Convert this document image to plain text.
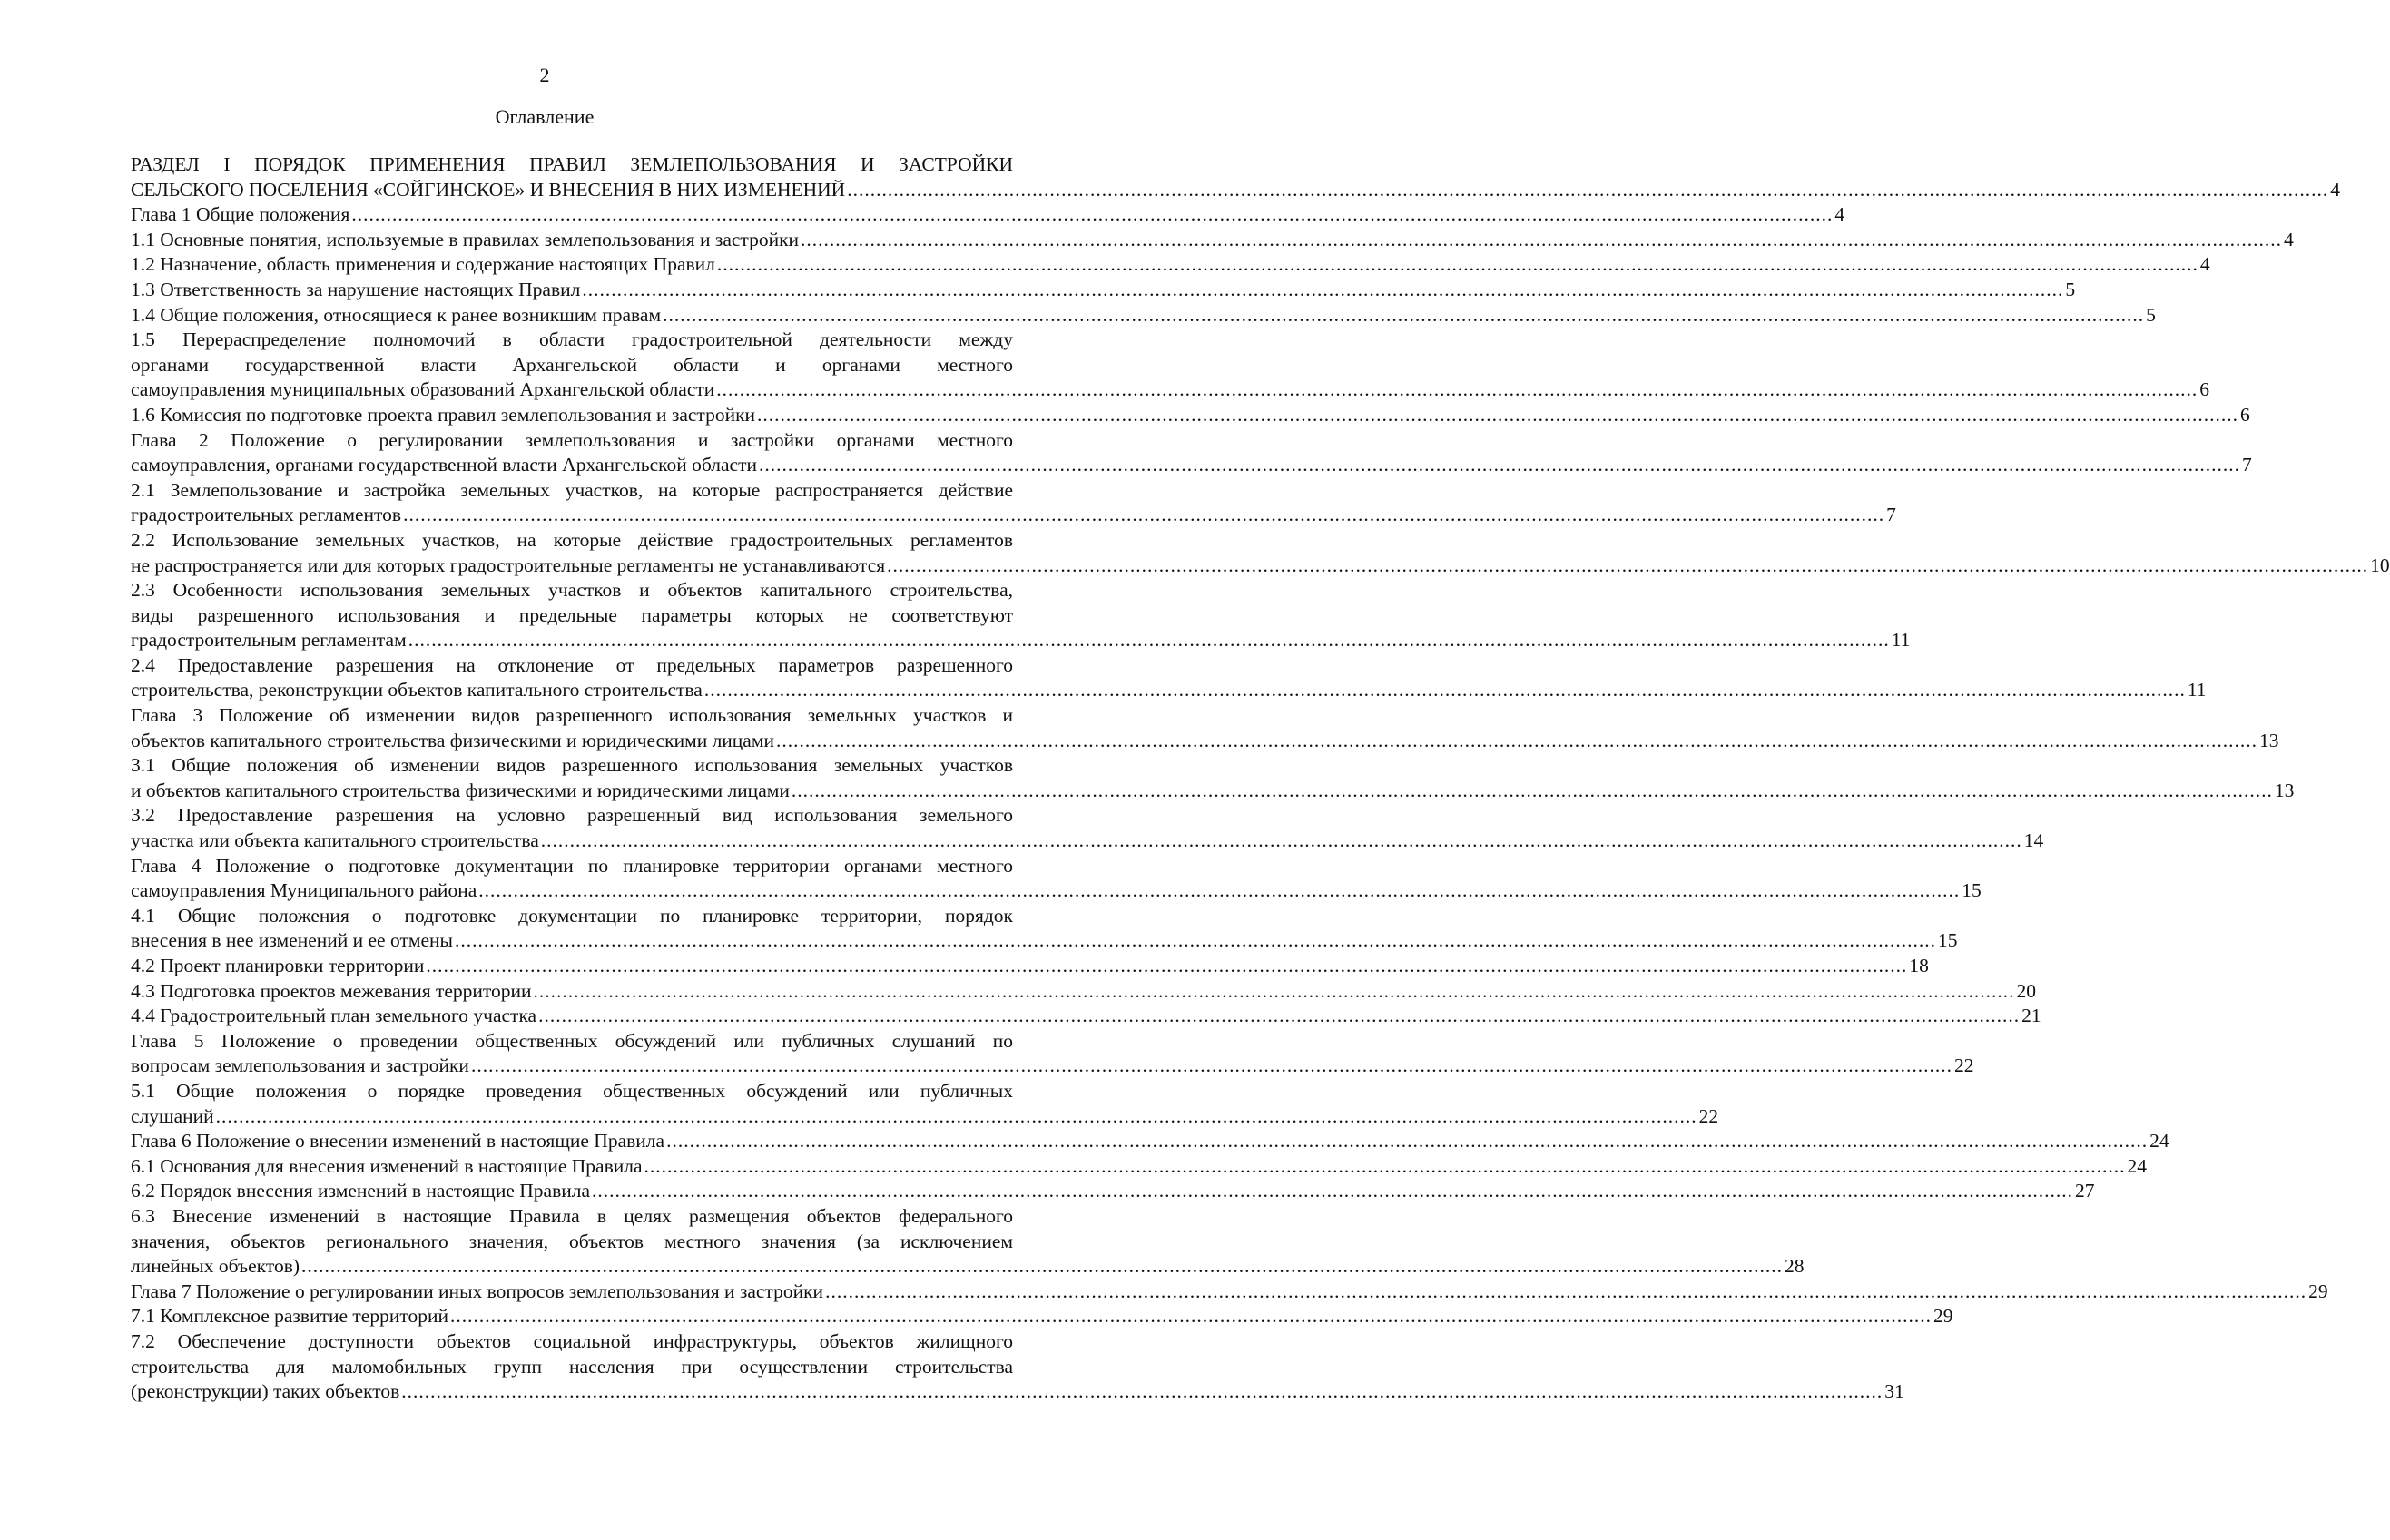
2
Оглавление
РАЗДЕЛ I ПОРЯДОК ПРИМЕНЕНИЯ ПРАВИЛ ЗЕМЛЕПОЛЬЗОВАНИЯ И ЗАСТРОЙКИ
СЕЛЬСКОГО ПОСЕЛЕНИЯ «СОЙГИНСКОЕ» И ВНЕСЕНИЯ В НИХ ИЗМЕНЕНИЙ .....	4
Глава 1 Общие положения .....	4
1.1 Основные понятия, используемые в правилах землепользования и застройки .....	4
1.2 Назначение, область применения и содержание настоящих Правил .....	4
1.3 Ответственность за нарушение настоящих Правил .....	5
1.4 Общие положения, относящиеся к ранее возникшим правам .....	5
1.5 Перераспределение полномочий в области градостроительной деятельности между
органами государственной власти Архангельской области и органами местного
самоуправления муниципальных образований Архангельской области .....	6
1.6 Комиссия по подготовке проекта правил землепользования и застройки .....	6
Глава 2 Положение о регулировании землепользования и застройки органами местного
самоуправления, органами государственной власти Архангельской области .....	7
2.1 Землепользование и застройка земельных участков, на которые распространяется действие
градостроительных регламентов .....	7
2.2 Использование земельных участков, на которые действие градостроительных регламентов
не распространяется или для которых градостроительные регламенты не устанавливаются .....	10
2.3 Особенности использования земельных участков и объектов капитального строительства,
виды разрешенного использования и предельные параметры которых не соответствуют
градостроительным регламентам .....	11
2.4 Предоставление разрешения на отклонение от предельных параметров разрешенного
строительства, реконструкции объектов капитального строительства .....	11
Глава 3 Положение об изменении видов разрешенного использования земельных участков и
объектов капитального строительства физическими и юридическими лицами .....	13
3.1 Общие положения об изменении видов разрешенного использования земельных участков
и объектов капитального строительства физическими и юридическими лицами .....	13
3.2 Предоставление разрешения на условно разрешенный вид использования земельного
участка или объекта капитального строительства .....	14
Глава 4 Положение о подготовке документации по планировке территории органами местного
самоуправления Муниципального района .....	15
4.1 Общие положения о подготовке документации по планировке территории, порядок
внесения в нее изменений и ее отмены .....	15
4.2 Проект планировки территории .....	18
4.3 Подготовка проектов межевания территории .....	20
4.4 Градостроительный план земельного участка .....	21
Глава 5 Положение о проведении общественных обсуждений или публичных слушаний по
вопросам землепользования и застройки .....	22
5.1 Общие положения о порядке проведения общественных обсуждений или публичных
слушаний .....	22
Глава 6 Положение о внесении изменений в настоящие Правила .....	24
6.1 Основания для внесения изменений в настоящие Правила .....	24
6.2 Порядок внесения изменений в настоящие Правила .....	27
6.3 Внесение изменений в настоящие Правила в целях размещения объектов федерального
значения, объектов регионального значения, объектов местного значения (за исключением
линейных объектов) .....	28
Глава 7 Положение о регулировании иных вопросов землепользования и застройки .....	29
7.1 Комплексное развитие территорий .....	29
7.2 Обеспечение доступности объектов социальной инфраструктуры, объектов жилищного
строительства для маломобильных групп населения при осуществлении строительства
(реконструкции) таких объектов .....	31
